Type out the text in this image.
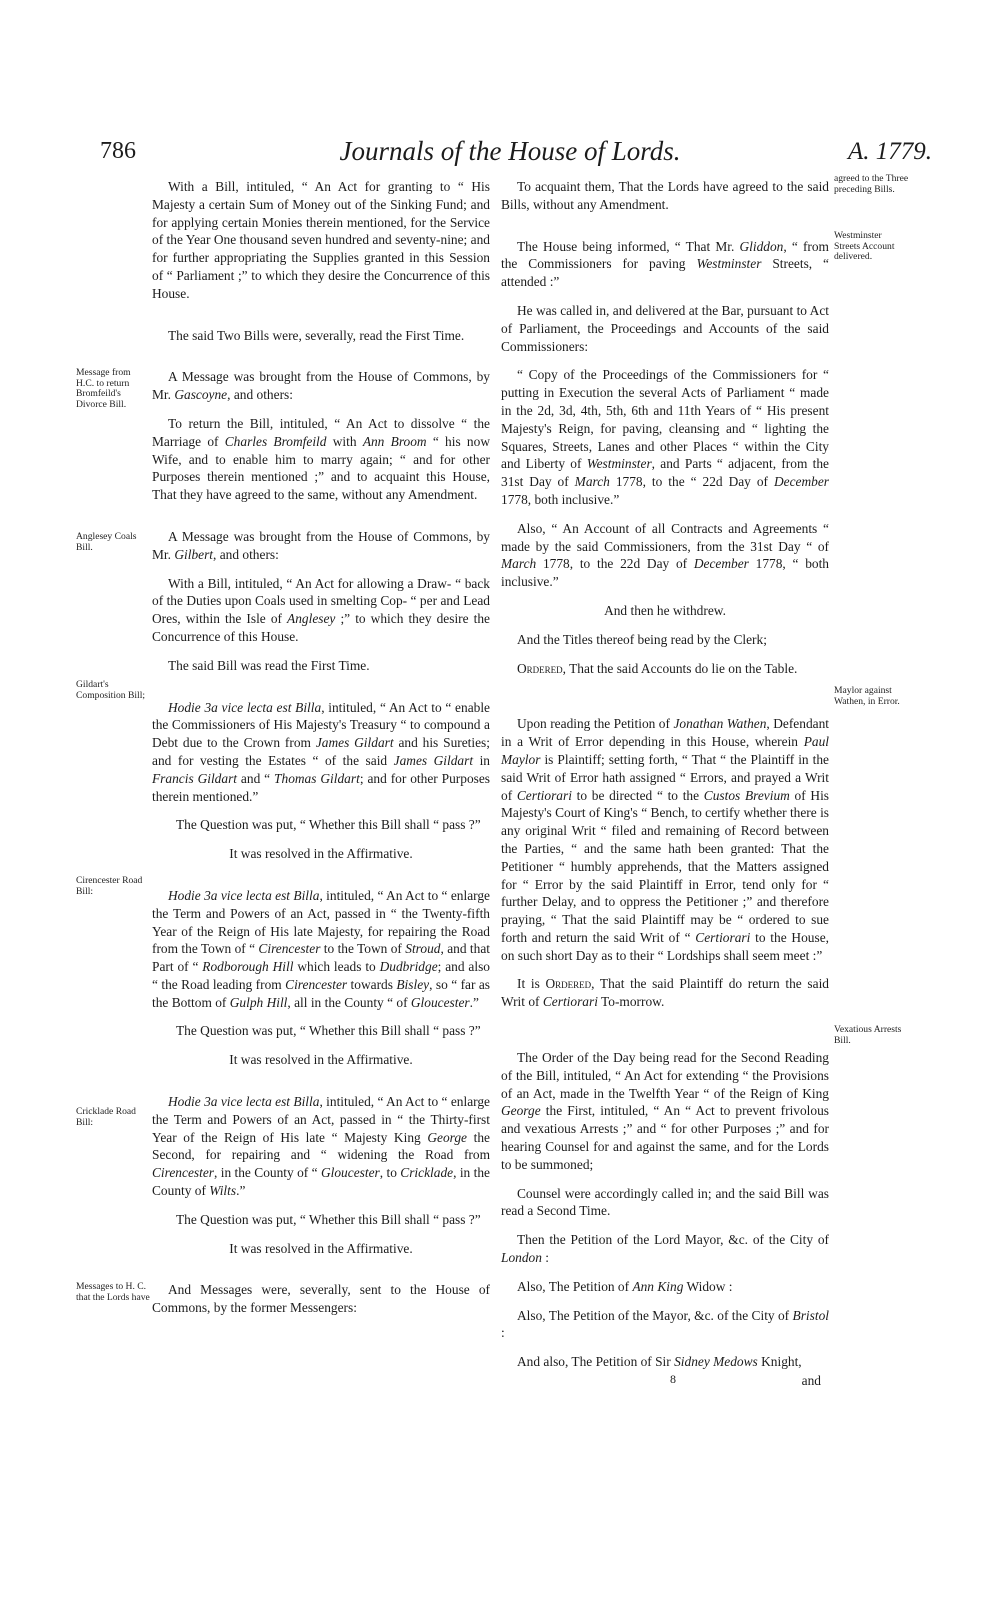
786	Journals of the House of Lords.	A. 1779.
Message from H.C. to return Bromfeild's Divorce Bill.
Anglesey Coals Bill.
Gildart's Composition Bill;
Cirencester Road Bill:
Cricklade Road Bill:
Messages to H. C. that the Lords have
agreed to the Three preceding Bills.
Westminster Streets Account delivered.
Maylor against Wathen, in Error.
Vexatious Arrests Bill.

With a Bill, intituled, “ An Act for granting to “ His Majesty a certain Sum of Money out of the Sinking Fund; and for applying certain Monies therein mentioned, for the Service of the Year One thousand seven hundred and seventy-nine; and for further appropriating the Supplies granted in this Session of “ Parliament ;” to which they desire the Concurrence of this House.

The said Two Bills were, severally, read the First Time.

A Message was brought from the House of Commons, by Mr. Gascoyne, and others:

To return the Bill, intituled, “ An Act to dissolve “ the Marriage of Charles Bromfeild with Ann Broom “ his now Wife, and to enable him to marry again; “ and for other Purposes therein mentioned ;” and to acquaint this House, That they have agreed to the same, without any Amendment.

A Message was brought from the House of Commons, by Mr. Gilbert, and others:

With a Bill, intituled, “ An Act for allowing a Draw- “ back of the Duties upon Coals used in smelting Cop- “ per and Lead Ores, within the Isle of Anglesey ;” to which they desire the Concurrence of this House.

The said Bill was read the First Time.

Hodie 3a vice lecta est Billa, intituled, “ An Act to “ enable the Commissioners of His Majesty's Treasury “ to compound a Debt due to the Crown from James Gildart and his Sureties; and for vesting the Estates “ of the said James Gildart in Francis Gildart and “ Thomas Gildart; and for other Purposes therein mentioned.”

The Question was put, “ Whether this Bill shall “ pass ?”

It was resolved in the Affirmative.

Hodie 3a vice lecta est Billa, intituled, “ An Act to “ enlarge the Term and Powers of an Act, passed in “ the Twenty-fifth Year of the Reign of His late Majesty, for repairing the Road from the Town of “ Cirencester to the Town of Stroud, and that Part of “ Rodborough Hill which leads to Dudbridge; and also “ the Road leading from Cirencester towards Bisley, so “ far as the Bottom of Gulph Hill, all in the County “ of Gloucester.”

The Question was put, “ Whether this Bill shall “ pass ?”

It was resolved in the Affirmative.

Hodie 3a vice lecta est Billa, intituled, “ An Act to “ enlarge the Term and Powers of an Act, passed in “ the Thirty-first Year of the Reign of His late “ Majesty King George the Second, for repairing and “ widening the Road from Cirencester, in the County of “ Gloucester, to Cricklade, in the County of Wilts.”

The Question was put, “ Whether this Bill shall “ pass ?”

It was resolved in the Affirmative.

And Messages were, severally, sent to the House of Commons, by the former Messengers:

To acquaint them, That the Lords have agreed to the said Bills, without any Amendment.

The House being informed, “ That Mr. Gliddon, “ from the Commissioners for paving Westminster Streets, “ attended :”

He was called in, and delivered at the Bar, pursuant to Act of Parliament, the Proceedings and Accounts of the said Commissioners:

“ Copy of the Proceedings of the Commissioners for “ putting in Execution the several Acts of Parliament “ made in the 2d, 3d, 4th, 5th, 6th and 11th Years of “ His present Majesty's Reign, for paving, cleansing and “ lighting the Squares, Streets, Lanes and other Places “ within the City and Liberty of Westminster, and Parts “ adjacent, from the 31st Day of March 1778, to the “ 22d Day of December 1778, both inclusive.”

Also, “ An Account of all Contracts and Agreements “ made by the said Commissioners, from the 31st Day “ of March 1778, to the 22d Day of December 1778, “ both inclusive.”

And then he withdrew.

And the Titles thereof being read by the Clerk;

Ordered, That the said Accounts do lie on the Table.

Upon reading the Petition of Jonathan Wathen, Defendant in a Writ of Error depending in this House, wherein Paul Maylor is Plaintiff; setting forth, “ That “ the Plaintiff in the said Writ of Error hath assigned “ Errors, and prayed a Writ of Certiorari to be directed “ to the Custos Brevium of His Majesty's Court of King's “ Bench, to certify whether there is any original Writ “ filed and remaining of Record between the Parties, “ and the same hath been granted: That the Petitioner “ humbly apprehends, that the Matters assigned for “ Error by the said Plaintiff in Error, tend only for “ further Delay, and to oppress the Petitioner ;” and therefore praying, “ That the said Plaintiff may be “ ordered to sue forth and return the said Writ of “ Certiorari to the House, on such short Day as to their “ Lordships shall seem meet :”

It is Ordered, That the said Plaintiff do return the said Writ of Certiorari To-morrow.

The Order of the Day being read for the Second Reading of the Bill, intituled, “ An Act for extending “ the Provisions of an Act, made in the Twelfth Year “ of the Reign of King George the First, intituled, “ An “ Act to prevent frivolous and vexatious Arrests ;” and “ for other Purposes ;” and for hearing Counsel for and against the same, and for the Lords to be summoned;

Counsel were accordingly called in; and the said Bill was read a Second Time.

Then the Petition of the Lord Mayor, &c. of the City of London :

Also, The Petition of Ann King Widow :

Also, The Petition of the Mayor, &c. of the City of Bristol :

And also, The Petition of Sir Sidney Medows Knight,

8	and
